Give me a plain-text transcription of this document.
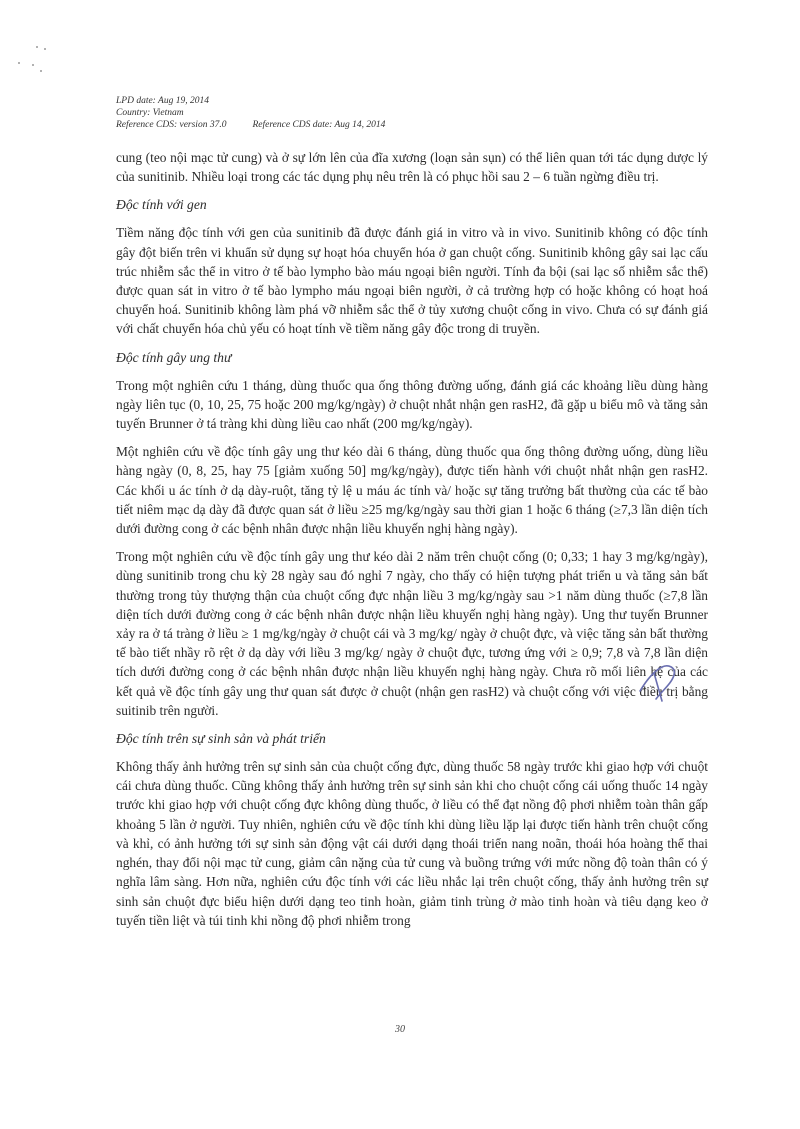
LPD date: Aug 19, 2014
Country: Vietnam
Reference CDS: version 37.0	Reference CDS date: Aug 14, 2014

cung (teo nội mạc tử cung) và ở sự lớn lên của đĩa xương (loạn sản sụn) có thể liên quan tới tác dụng dược lý của sunitinib. Nhiều loại trong các tác dụng phụ nêu trên là có phục hồi sau 2 – 6 tuần ngừng điều trị.

Độc tính với gen

Tiềm năng độc tính với gen của sunitinib đã được đánh giá in vitro và in vivo. Sunitinib không có độc tính gây đột biến trên vi khuẩn sử dụng sự hoạt hóa chuyển hóa ở gan chuột cống. Sunitinib không gây sai lạc cấu trúc nhiễm sắc thể in vitro ở tế bào lympho bào máu ngoại biên người. Tính đa bội (sai lạc số nhiễm sắc thể) được quan sát in vitro ở tế bào lympho máu ngoại biên người, ở cả trường hợp có hoặc không có hoạt hoá chuyển hoá. Sunitinib không làm phá vỡ nhiễm sắc thể ở tủy xương chuột cống in vivo. Chưa có sự đánh giá với chất chuyển hóa chủ yếu có hoạt tính về tiềm năng gây độc trong di truyền.

Độc tính gây ung thư

Trong một nghiên cứu 1 tháng, dùng thuốc qua ống thông đường uống, đánh giá các khoảng liều dùng hàng ngày liên tục (0, 10, 25, 75 hoặc 200 mg/kg/ngày) ở chuột nhắt nhận gen rasH2, đã gặp u biểu mô và tăng sản tuyến Brunner ở tá tràng khi dùng liều cao nhất (200 mg/kg/ngày).

Một nghiên cứu về độc tính gây ung thư kéo dài 6 tháng, dùng thuốc qua ống thông đường uống, dùng liều hàng ngày (0, 8, 25, hay 75 [giảm xuống 50] mg/kg/ngày), được tiến hành với chuột nhắt nhận gen rasH2. Các khối u ác tính ở dạ dày-ruột, tăng tỷ lệ u máu ác tính và/ hoặc sự tăng trưởng bất thường của các tế bào tiết niêm mạc dạ dày đã được quan sát ở liều ≥25 mg/kg/ngày sau thời gian 1 hoặc 6 tháng (≥7,3 lần diện tích dưới đường cong ở các bệnh nhân được nhận liều khuyến nghị hàng ngày).

Trong một nghiên cứu về độc tính gây ung thư kéo dài 2 năm trên chuột cống (0; 0,33; 1 hay 3 mg/kg/ngày), dùng sunitinib trong chu kỳ 28 ngày sau đó nghỉ 7 ngày, cho thấy có hiện tượng phát triển u và tăng sản bất thường trong tủy thượng thận của chuột cống đực nhận liều 3 mg/kg/ngày sau >1 năm dùng thuốc (≥7,8 lần diện tích dưới đường cong ở các bệnh nhân được nhận liều khuyến nghị hàng ngày). Ung thư tuyến Brunner xảy ra ở tá tràng ở liều ≥ 1 mg/kg/ngày ở chuột cái và 3 mg/kg/ ngày ở chuột đực, và việc tăng sản bất thường tế bào tiết nhầy rõ rệt ở dạ dày với liều 3 mg/kg/ ngày ở chuột đực, tương ứng với ≥ 0,9; 7,8 và 7,8 lần diện tích dưới đường cong ở các bệnh nhân được nhận liều khuyến nghị hàng ngày. Chưa rõ mối liên hệ của các kết quả về độc tính gây ung thư quan sát được ở chuột (nhận gen rasH2) và chuột cống với việc điều trị bằng suitinib trên người.

Độc tính trên sự sinh sản và phát triển

Không thấy ảnh hưởng trên sự sinh sản của chuột cống đực, dùng thuốc 58 ngày trước khi giao hợp với chuột cái chưa dùng thuốc. Cũng không thấy ảnh hưởng trên sự sinh sản khi cho chuột cống cái uống thuốc 14 ngày trước khi giao hợp với chuột cống đực không dùng thuốc, ở liều có thể đạt nồng độ phơi nhiễm toàn thân gấp khoảng 5 lần ở người. Tuy nhiên, nghiên cứu về độc tính khi dùng liều lặp lại được tiến hành trên chuột cống và khỉ, có ảnh hưởng tới sự sinh sản động vật cái dưới dạng thoái triển nang noãn, thoái hóa hoàng thể thai nghén, thay đổi nội mạc tử cung, giảm cân nặng của tử cung và buồng trứng với mức nồng độ toàn thân có ý nghĩa lâm sàng. Hơn nữa, nghiên cứu độc tính với các liều nhắc lại trên chuột cống, thấy ảnh hưởng trên sự sinh sản chuột đực biểu hiện dưới dạng teo tinh hoàn, giảm tinh trùng ở mào tinh hoàn và tiêu dạng keo ở tuyến tiền liệt và túi tinh khi nồng độ phơi nhiễm trong

30
